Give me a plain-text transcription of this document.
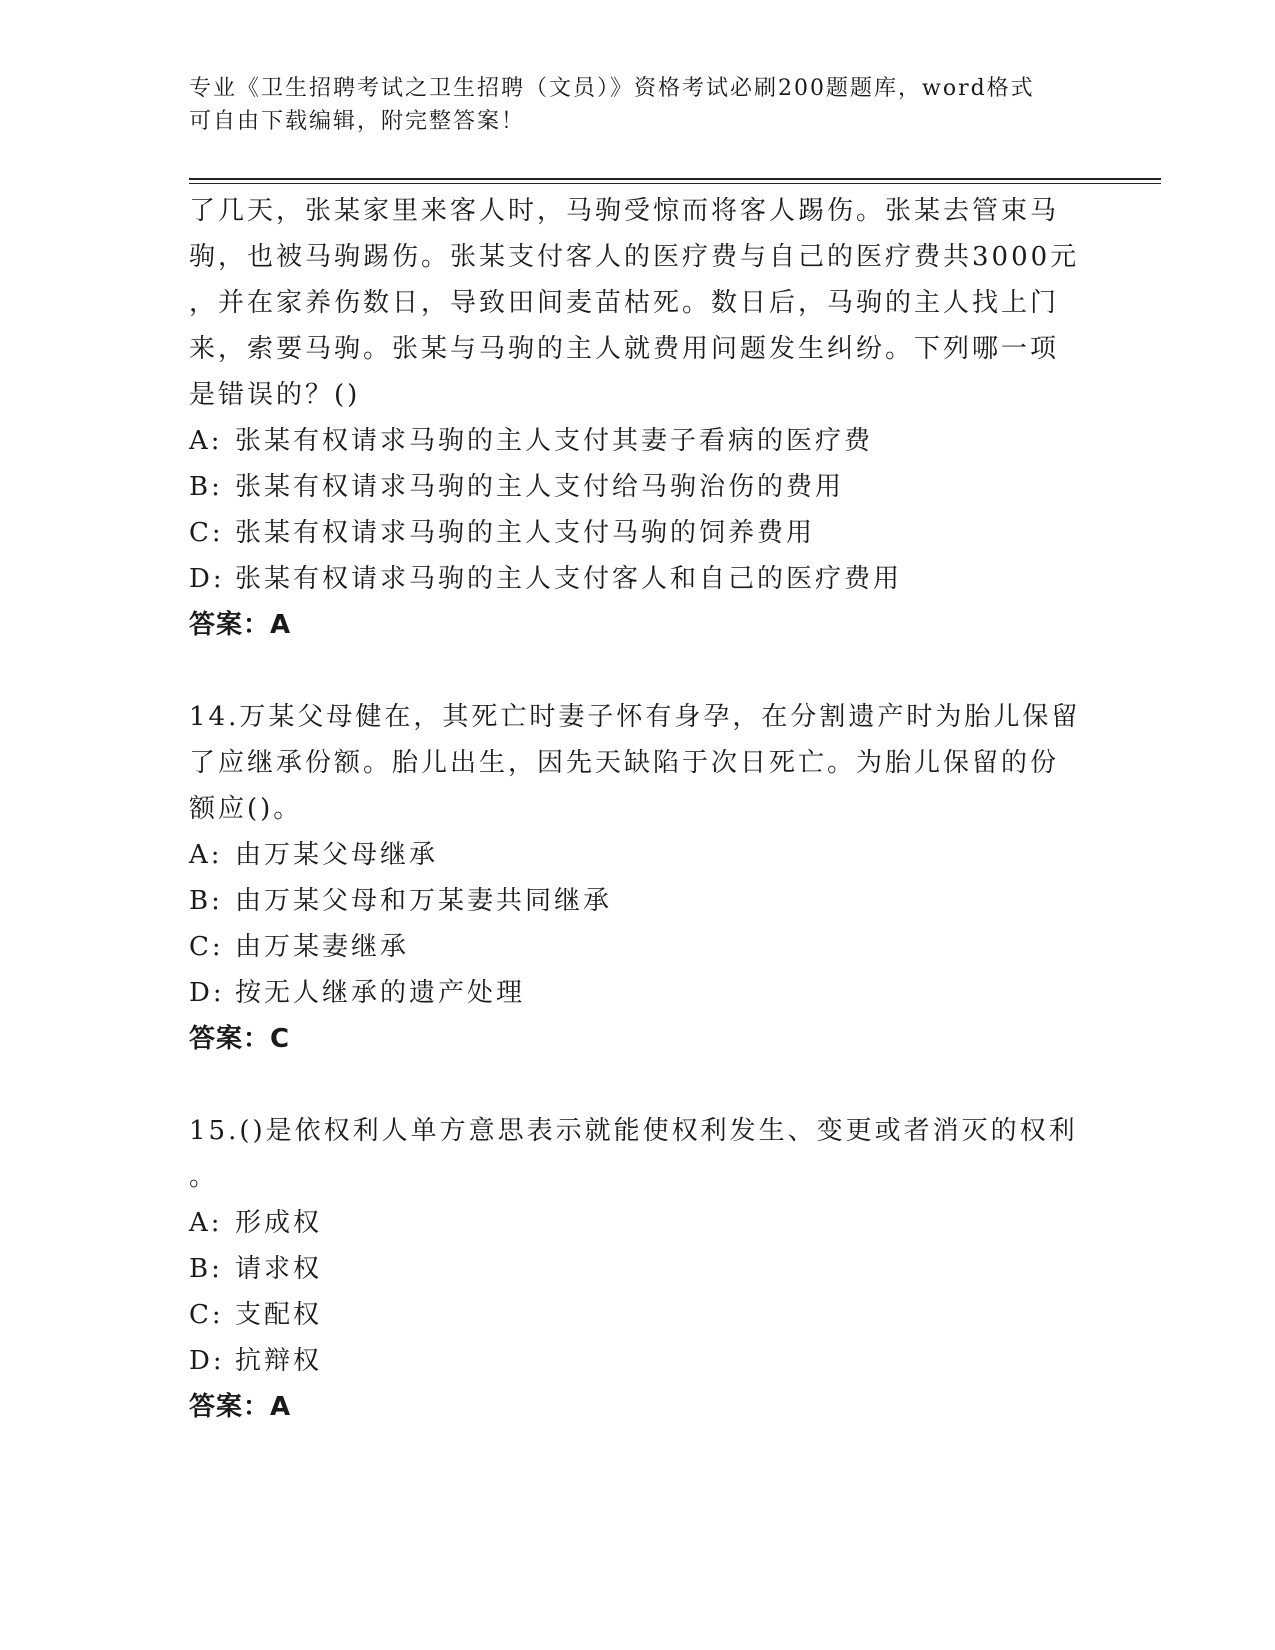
专业《卫生招聘考试之卫生招聘（文员）》资格考试必刷200题题库，word格式
可自由下载编辑，附完整答案！
了几天，张某家里来客人时，马驹受惊而将客人踢伤。张某去管束马
驹，也被马驹踢伤。张某支付客人的医疗费与自己的医疗费共3000元
，并在家养伤数日，导致田间麦苗枯死。数日后，马驹的主人找上门
来，索要马驹。张某与马驹的主人就费用问题发生纠纷。下列哪一项
是错误的？()
A: 张某有权请求马驹的主人支付其妻子看病的医疗费
B: 张某有权请求马驹的主人支付给马驹治伤的费用
C: 张某有权请求马驹的主人支付马驹的饲养费用
D: 张某有权请求马驹的主人支付客人和自己的医疗费用
答案：A
14.万某父母健在，其死亡时妻子怀有身孕，在分割遗产时为胎儿保留
了应继承份额。胎儿出生，因先天缺陷于次日死亡。为胎儿保留的份
额应()。
A: 由万某父母继承
B: 由万某父母和万某妻共同继承
C: 由万某妻继承
D: 按无人继承的遗产处理
答案：C
15.()是依权利人单方意思表示就能使权利发生、变更或者消灭的权利
。
A: 形成权
B: 请求权
C: 支配权
D: 抗辩权
答案：A
